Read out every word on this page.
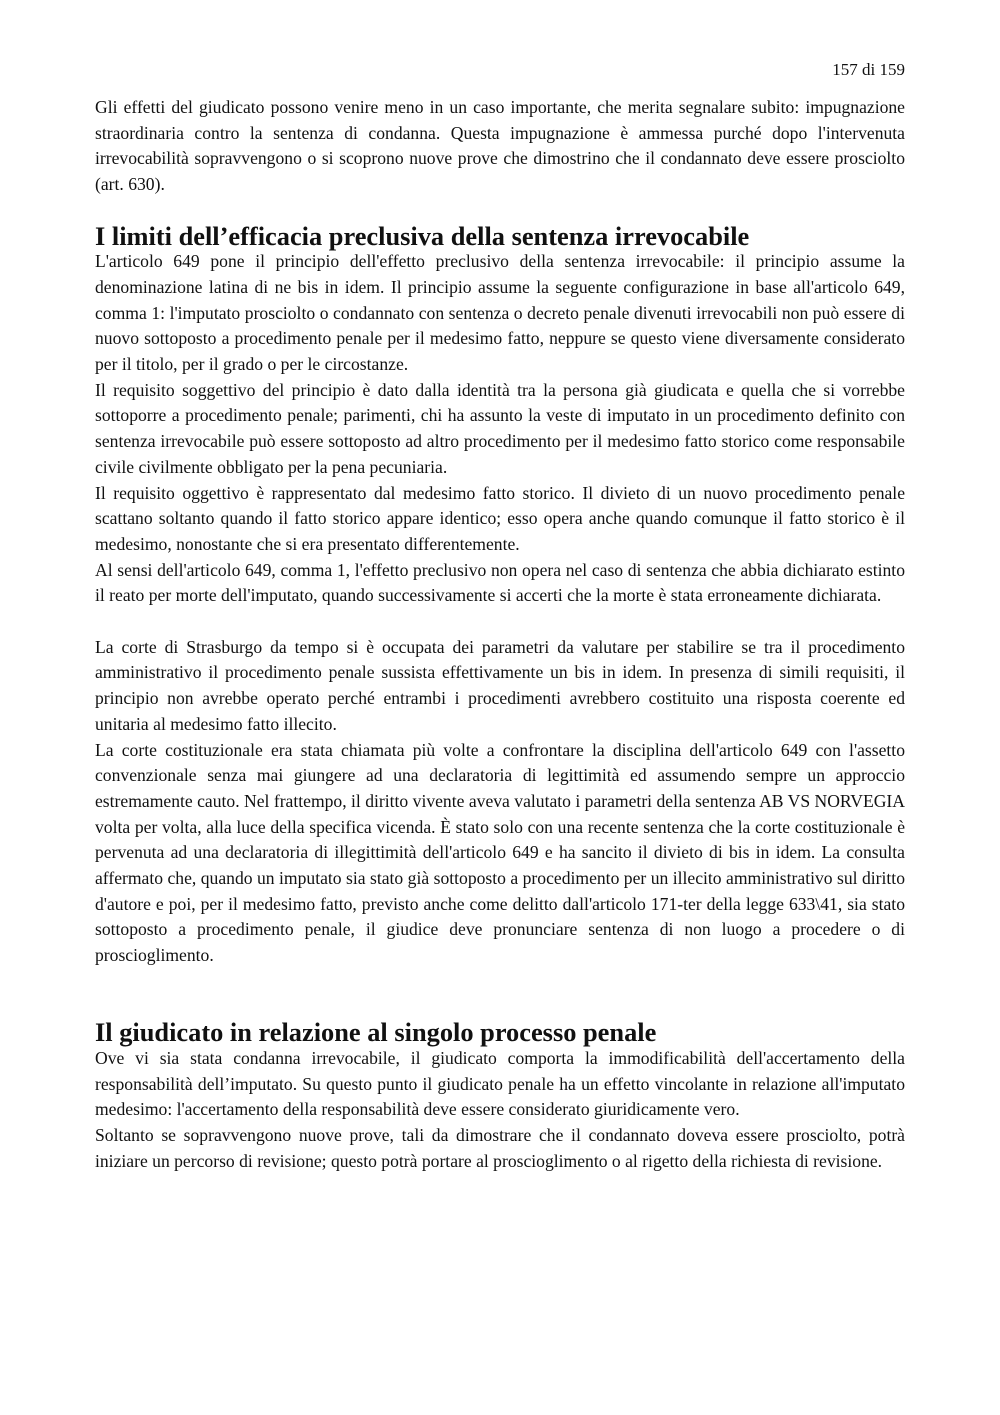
157 di 159

Gli effetti del giudicato possono venire meno in un caso importante, che merita segnalare subito: impugnazione straordinaria contro la sentenza di condanna. Questa impugnazione è ammessa purché dopo l'intervenuta irrevocabilità sopravvengono o si scoprono nuove prove che dimostrino che il condannato deve essere prosciolto (art. 630).

I limiti dell’efficacia preclusiva della sentenza irrevocabile

L'articolo 649 pone il principio dell'effetto preclusivo della sentenza irrevocabile: il principio assume la denominazione latina di ne bis in idem. Il principio assume la seguente configurazione in base all'articolo 649, comma 1: l'imputato prosciolto o condannato con sentenza o decreto penale divenuti irrevocabili non può essere di nuovo sottoposto a procedimento penale per il medesimo fatto, neppure se questo viene diversamente considerato per il titolo, per il grado o per le circostanze.

Il requisito soggettivo del principio è dato dalla identità tra la persona già giudicata e quella che si vorrebbe sottoporre a procedimento penale; parimenti, chi ha assunto la veste di imputato in un procedimento definito con sentenza irrevocabile può essere sottoposto ad altro procedimento per il medesimo fatto storico come responsabile civile civilmente obbligato per la pena pecuniaria.

Il requisito oggettivo è rappresentato dal medesimo fatto storico. Il divieto di un nuovo procedimento penale scattano soltanto quando il fatto storico appare identico; esso opera anche quando comunque il fatto storico è il medesimo, nonostante che si era presentato differentemente.

Al sensi dell'articolo 649, comma 1, l'effetto preclusivo non opera nel caso di sentenza che abbia dichiarato estinto il reato per morte dell'imputato, quando successivamente si accerti che la morte è stata erroneamente dichiarata.

La corte di Strasburgo da tempo si è occupata dei parametri da valutare per stabilire se tra il procedimento amministrativo il procedimento penale sussista effettivamente un bis in idem. In presenza di simili requisiti, il principio non avrebbe operato perché entrambi i procedimenti avrebbero costituito una risposta coerente ed unitaria al medesimo fatto illecito.

La corte costituzionale era stata chiamata più volte a confrontare la disciplina dell'articolo 649 con l'assetto convenzionale senza mai giungere ad una declaratoria di legittimità ed assumendo sempre un approccio estremamente cauto. Nel frattempo, il diritto vivente aveva valutato i parametri della sentenza AB VS NORVEGIA volta per volta, alla luce della specifica vicenda. È stato solo con una recente sentenza che la corte costituzionale è pervenuta ad una declaratoria di illegittimità dell'articolo 649 e ha sancito il divieto di bis in idem. La consulta affermato che, quando un imputato sia stato già sottoposto a procedimento per un illecito amministrativo sul diritto d'autore e poi, per il medesimo fatto, previsto anche come delitto dall'articolo 171-ter della legge 633\41, sia stato sottoposto a procedimento penale, il giudice deve pronunciare sentenza di non luogo a procedere o di proscioglimento.

Il giudicato in relazione al singolo processo penale

Ove vi sia stata condanna irrevocabile, il giudicato comporta la immodificabilità dell'accertamento della responsabilità dell’imputato. Su questo punto il giudicato penale ha un effetto vincolante in relazione all'imputato medesimo: l'accertamento della responsabilità deve essere considerato giuridicamente vero.

Soltanto se sopravvengono nuove prove, tali da dimostrare che il condannato doveva essere prosciolto, potrà iniziare un percorso di revisione; questo potrà portare al proscioglimento o al rigetto della richiesta di revisione.
